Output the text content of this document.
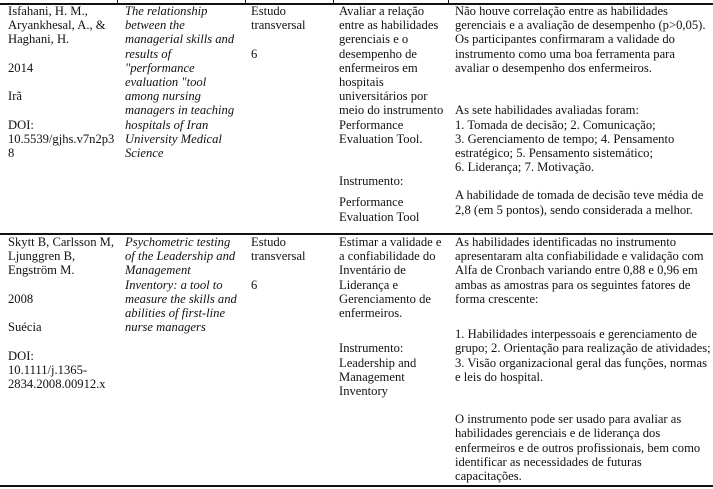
Isfahani, H. M.,
Aryankhesal, A., &
Haghani, H.
2014
Irã
DOI:
10.5539/gjhs.v7n2p3
8
The relationship
between the
managerial skills and
results of
"performance
evaluation "tool
among nursing
managers in teaching
hospitals of Iran
University Medical
Science
Estudo
transversal
6
Avaliar a relação
entre as habilidades
gerenciais e o
desempenho de
enfermeiros em
hospitais
universitários por
meio do instrumento
Performance
Evaluation Tool.
Instrumento:
Performance
Evaluation Tool
Não houve correlação entre as habilidades
gerenciais e a avaliação de desempenho (p>0,05).
Os participantes confirmaram a validade do
instrumento como uma boa ferramenta para
avaliar o desempenho dos enfermeiros.
As sete habilidades avaliadas foram:
1. Tomada de decisão; 2. Comunicação;
3. Gerenciamento de tempo; 4. Pensamento
estratégico; 5. Pensamento sistemático;
6. Liderança; 7. Motivação.
A habilidade de tomada de decisão teve média de
2,8 (em 5 pontos), sendo considerada a melhor.
Skytt B, Carlsson M,
Ljunggren B,
Engström M.
2008
Suécia
DOI:
10.1111/j.1365-
2834.2008.00912.x
Psychometric testing
of the Leadership and
Management
Inventory: a tool to
measure the skills and
abilities of first-line
nurse managers
Estudo
transversal
6
Estimar a validade e
a confiabilidade do
Inventário de
Liderança e
Gerenciamento de
enfermeiros.
Instrumento:
Leadership and
Management
Inventory
As habilidades identificadas no instrumento
apresentaram alta confiabilidade e validação com
Alfa de Cronbach variando entre 0,88 e 0,96 em
ambas as amostras para os seguintes fatores de
forma crescente:
1. Habilidades interpessoais e gerenciamento de
grupo; 2. Orientação para realização de atividades;
3. Visão organizacional geral das funções, normas
e leis do hospital.
O instrumento pode ser usado para avaliar as
habilidades gerenciais e de liderança dos
enfermeiros e de outros profissionais, bem como
identificar as necessidades de futuras
capacitações.
